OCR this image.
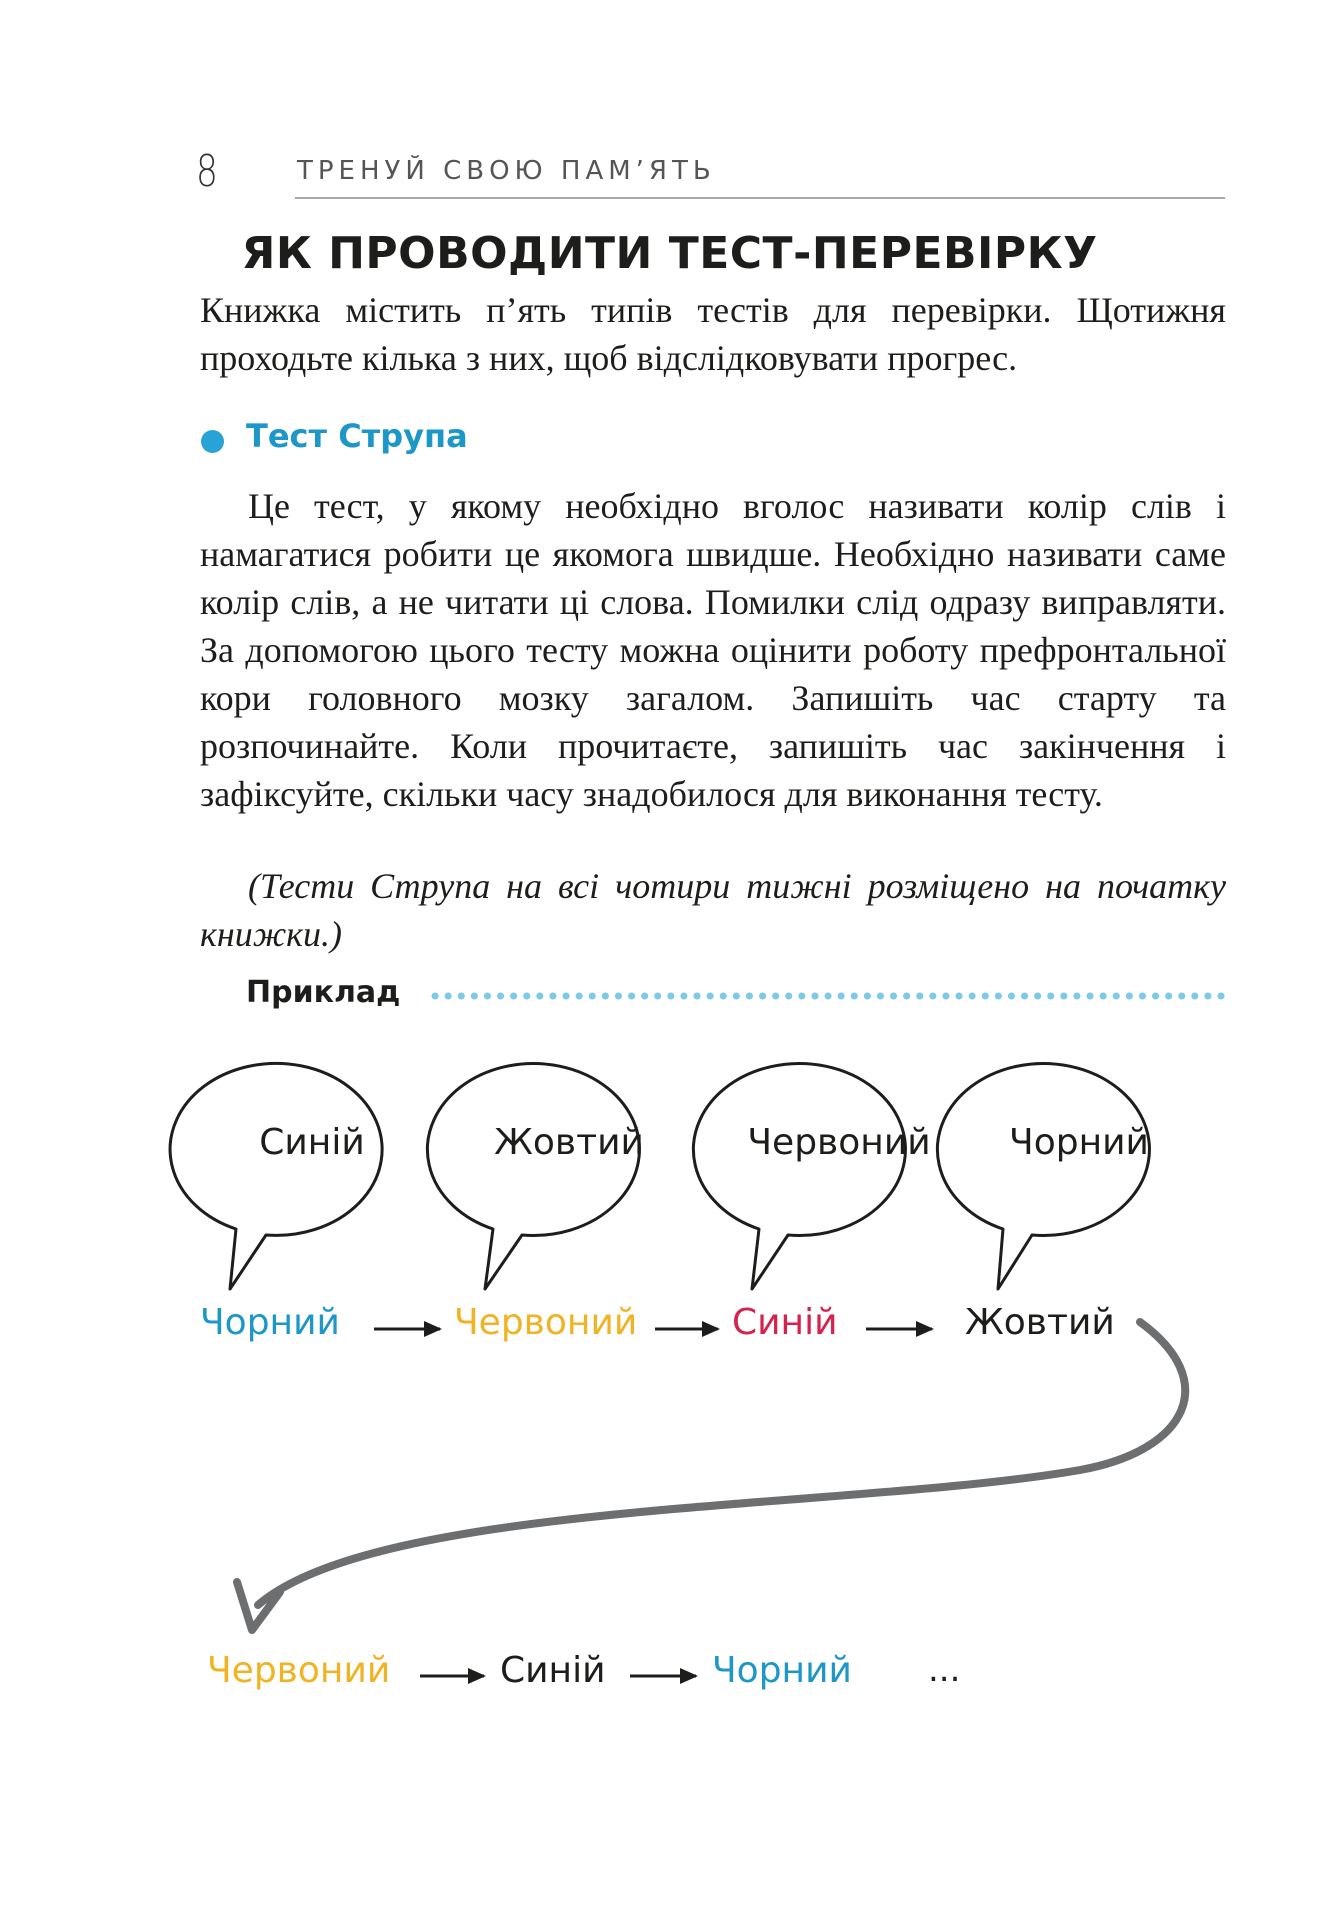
8	ТРЕНУЙ СВОЮ ПАМ’ЯТЬ
ЯК ПРОВОДИТИ ТЕСТ-ПЕРЕВІРКУ
Книжка містить п’ять типів тестів для перевірки. Щотижня проходьте кілька з них, щоб відслідковувати прогрес.
Тест Струпа
Це тест, у якому необхідно вголос називати колір слів і намагатися робити це якомога швидше. Необхідно називати саме колір слів, а не читати ці слова. Помилки слід одразу виправляти. За допомогою цього тесту можна оцінити роботу префронтальної кори головного мозку загалом. Запишіть час старту та розпочинайте. Коли прочитаєте, запишіть час закінчення і зафіксуйте, скільки часу знадобилося для виконання тесту.
(Тести Струпа на всі чотири тижні розміщено на початку книжки.)
Приклад
Синій	Жовтий	Червоний	Чорний
Чорний	Червоний	Синій	Жовтий
Червоний	Синій	Чорний ...
